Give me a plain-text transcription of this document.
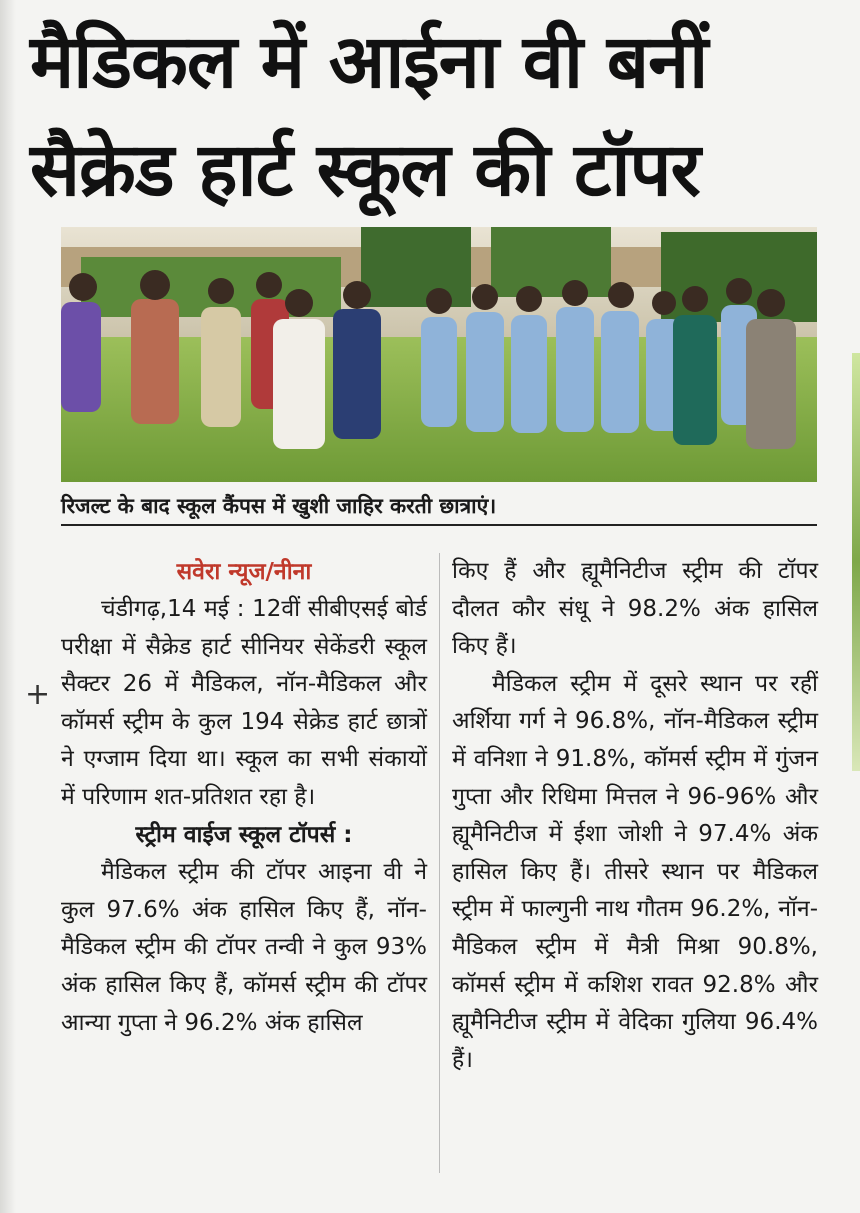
मैडिकल में आईना वी बनीं
सैक्रेड हार्ट स्कूल की टॉपर
रिजल्ट के बाद स्कूल कैंपस में खुशी जाहिर करती छात्राएं।
+

सवेरा न्यूज/नीना

चंडीगढ़,14 मई : 12वीं सीबीएसई बोर्ड परीक्षा में सैक्रेड हार्ट सीनियर सेकेंडरी स्कूल सैक्टर 26 में मैडिकल, नॉन-मैडिकल और कॉमर्स स्ट्रीम के कुल 194 सेक्रेड हार्ट छात्रों ने एग्जाम दिया था। स्कूल का सभी संकायों में परिणाम शत-प्रतिशत रहा है।

स्ट्रीम वाईज स्कूल टॉपर्स :

मैडिकल स्ट्रीम की टॉपर आइना वी ने कुल 97.6% अंक हासिल किए हैं, नॉन-मैडिकल स्ट्रीम की टॉपर तन्वी ने कुल 93% अंक हासिल किए हैं, कॉमर्स स्ट्रीम की टॉपर आन्या गुप्ता ने 96.2% अंक हासिल

किए हैं और ह्यूमैनिटीज स्ट्रीम की टॉपर दौलत कौर संधू ने 98.2% अंक हासिल किए हैं।

मैडिकल स्ट्रीम में दूसरे स्थान पर रहीं अर्शिया गर्ग ने 96.8%, नॉन-मैडिकल स्ट्रीम में वनिशा ने 91.8%, कॉमर्स स्ट्रीम में गुंजन गुप्ता और रिधिमा मित्तल ने 96-96% और ह्यूमैनिटीज में ईशा जोशी ने 97.4% अंक हासिल किए हैं। तीसरे स्थान पर मैडिकल स्ट्रीम में फाल्गुनी नाथ गौतम 96.2%, नॉन-मैडिकल स्ट्रीम में मैत्री मिश्रा 90.8%, कॉमर्स स्ट्रीम में कशिश रावत 92.8% और ह्यूमैनिटीज स्ट्रीम में वेदिका गुलिया 96.4% हैं।
